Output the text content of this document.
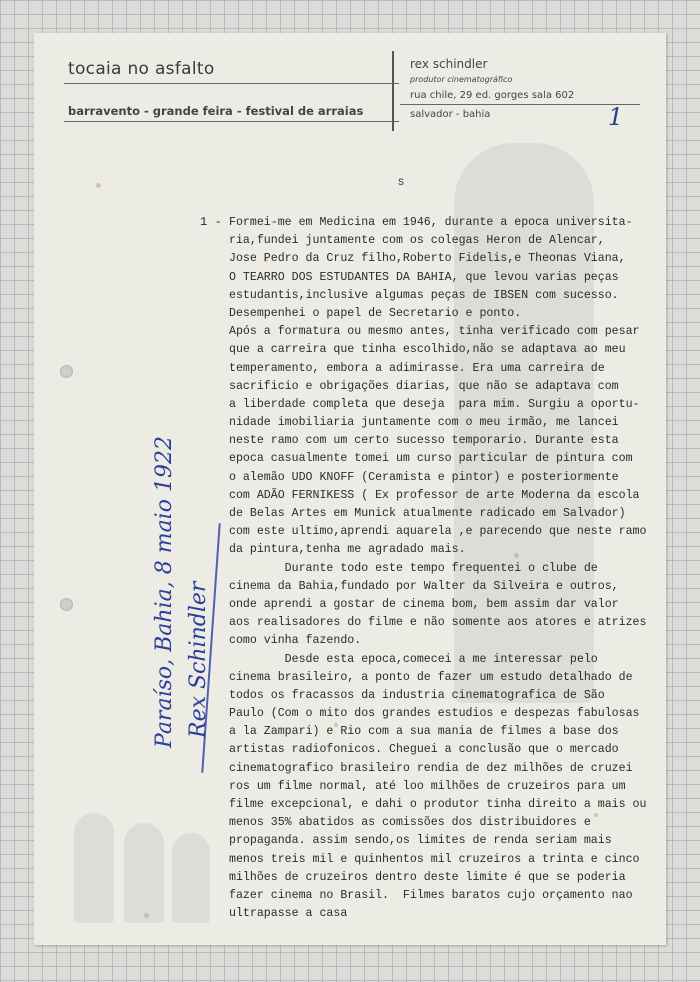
tocaia no asfalto
barravento - grande feira - festival de arraias
rex schindler
produtor cinematográfico
rua chile, 29 ed. gorges sala 602
salvador - bahia	1
S
1 - Formei-me em Medicina em 1946, durante a epoca universita-
ria,fundei juntamente com os colegas Heron de Alencar,
Jose Pedro da Cruz filho,Roberto Fidelis,e Theonas Viana,
O TEARRO DOS ESTUDANTES DA BAHIA, que levou varias peças
estudantis,inclusive algumas peças de IBSEN com sucesso.
Desempenhei o papel de Secretario e ponto.
Após a formatura ou mesmo antes, tinha verificado com pesar
que a carreira que tinha escolhido,não se adaptava ao meu
temperamento, embora a adimirasse. Era uma carreira de
sacrificio e obrigações diarias, que não se adaptava com
a liberdade completa que deseja  para mim. Surgiu a oportu-
nidade imobiliaria juntamente com o meu irmão, me lancei
neste ramo com um certo sucesso temporario. Durante esta
epoca casualmente tomei um curso particular de pintura com
o alemão UDO KNOFF (Ceramista e pintor) e posteriormente
com ADÃO FERNIKESS ( Ex professor de arte Moderna da escola
de Belas Artes em Munick atualmente radicado em Salvador)
com este ultimo,aprendi aquarela ,e parecendo que neste ramo
da pintura,tenha me agradado mais.
Durante todo este tempo frequentei o clube de
cinema da Bahia,fundado por Walter da Silveira e outros,
onde aprendi a gostar de cinema bom, bem assim dar valor
aos realisadores do filme e não somente aos atores e atrizes
como vinha fazendo.
Desde esta epoca,comecei a me interessar pelo
cinema brasileiro, a ponto de fazer um estudo detalhado de
todos os fracassos da industria cinematografica de São
Paulo (Com o mito dos grandes estudios e despezas fabulosas
a la Zampari) e Rio com a sua mania de filmes a base dos
artistas radiofonicos. Cheguei a conclusão que o mercado
cinematografico brasileiro rendia de dez milhões de cruzei
ros um filme normal, até loo milhões de cruzeiros para um
filme excepcional, e dahi o produtor tinha direito a mais ou
menos 35% abatidos as comissões dos distribuidores e
propaganda. assim sendo,os limites de renda seriam mais
menos treis mil e quinhentos mil cruzeiros a trinta e cinco
milhões de cruzeiros dentro deste limite é que se poderia
fazer cinema no Brasil.  Filmes baratos cujo orçamento nao
ultrapasse a casa
Paraíso, Bahia, 8 maio 1922 Rex Schindler
